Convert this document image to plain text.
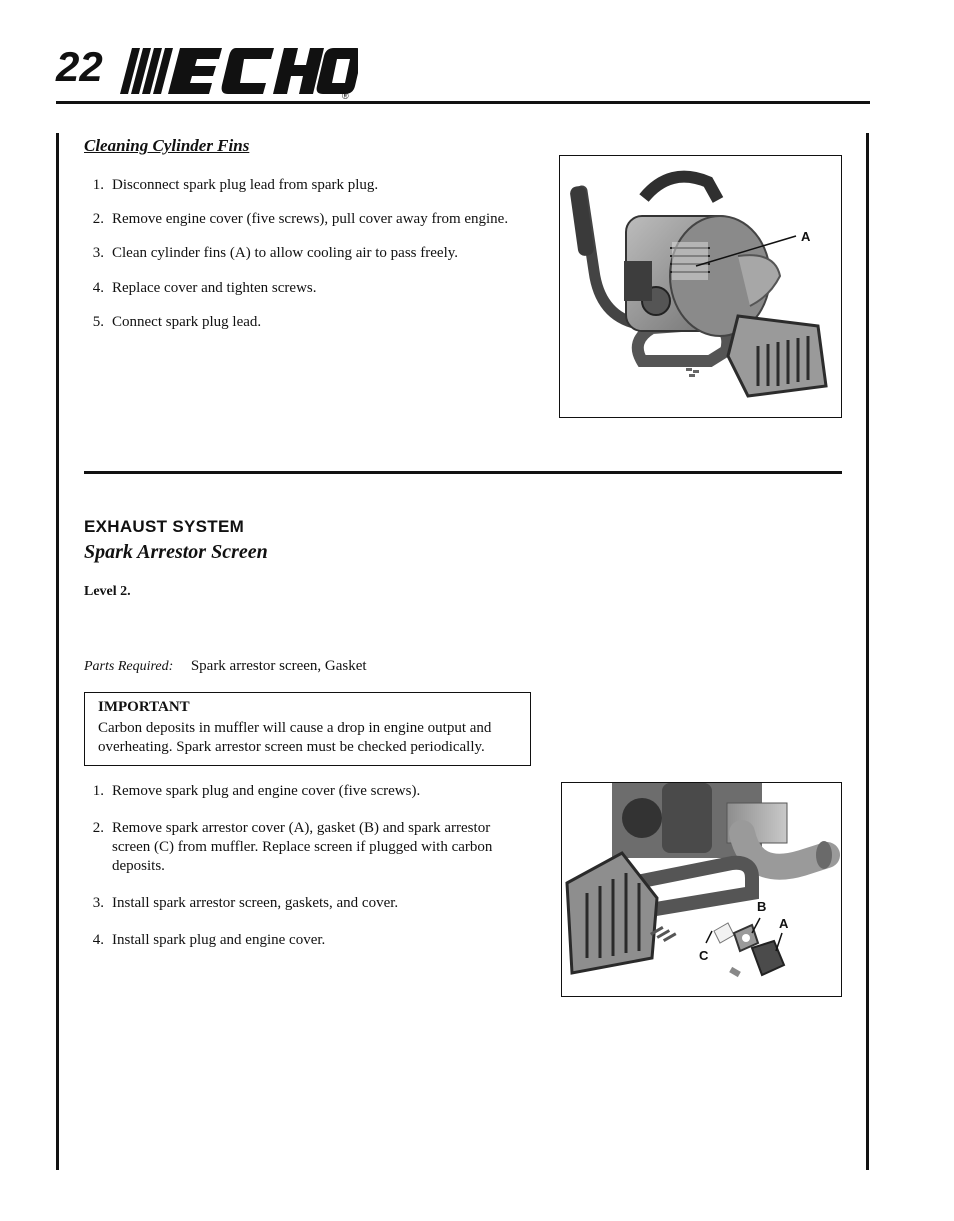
22
®
Cleaning Cylinder Fins
1. Disconnect spark plug lead from spark plug.
2. Remove engine cover (five screws), pull cover away from engine.
3. Clean cylinder fins (A) to allow cooling air to pass freely.
4. Replace cover and tighten screws.
5. Connect spark plug lead.
A
EXHAUST SYSTEM
Spark Arrestor Screen
Level 2.
Parts Required: Spark arrestor screen, Gasket
IMPORTANT
Carbon deposits in muffler will cause a drop in engine output and overheating. Spark arrestor screen must be checked periodically.
1. Remove spark plug and engine cover (five screws).
2. Remove spark arrestor cover (A), gasket (B) and spark arrestor screen (C) from muffler. Replace screen if plugged with carbon deposits.
3. Install spark arrestor screen, gaskets, and cover.
4. Install spark plug and engine cover.
B
A
C
